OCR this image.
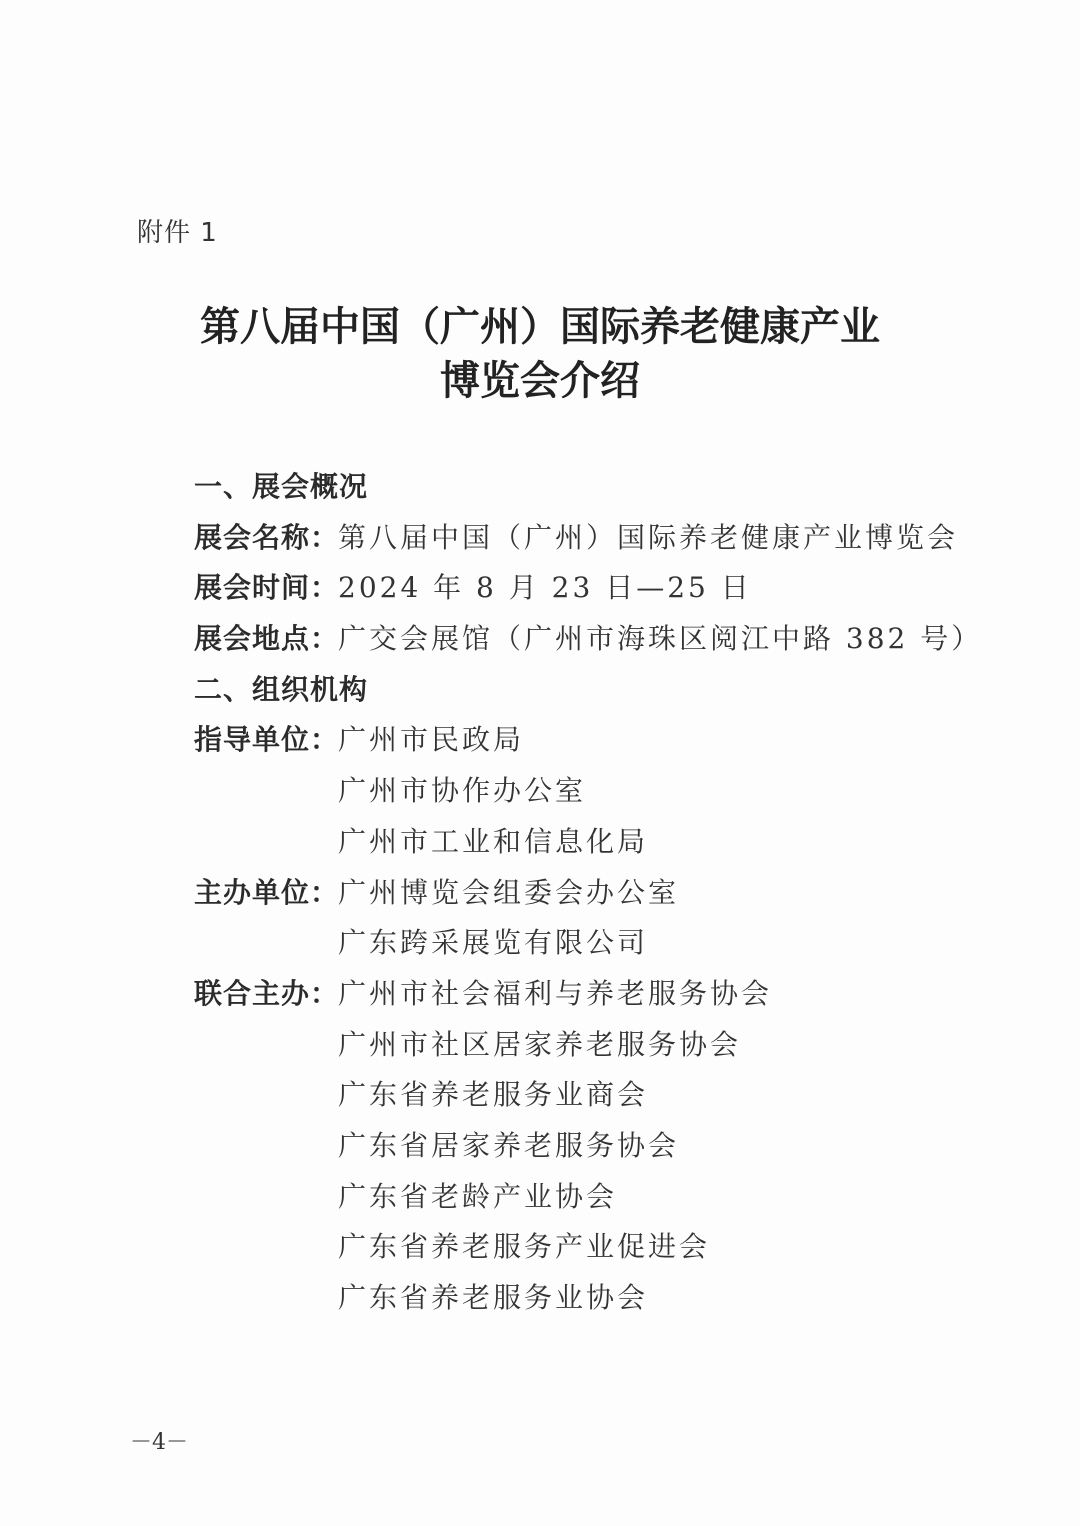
附件 1
第八届中国（广州）国际养老健康产业
博览会介绍
一、展会概况
展会名称：
第八届中国（广州）国际养老健康产业博览会
展会时间：
2024 年 8 月 23 日—25 日
展会地点：
广交会展馆（广州市海珠区阅江中路 382 号）
二、组织机构
指导单位：
广州市民政局
广州市协作办公室
广州市工业和信息化局
主办单位：
广州博览会组委会办公室
广东跨采展览有限公司
联合主办：
广州市社会福利与养老服务协会
广州市社区居家养老服务协会
广东省养老服务业商会
广东省居家养老服务协会
广东省老龄产业协会
广东省养老服务产业促进会
广东省养老服务业协会
－4－
